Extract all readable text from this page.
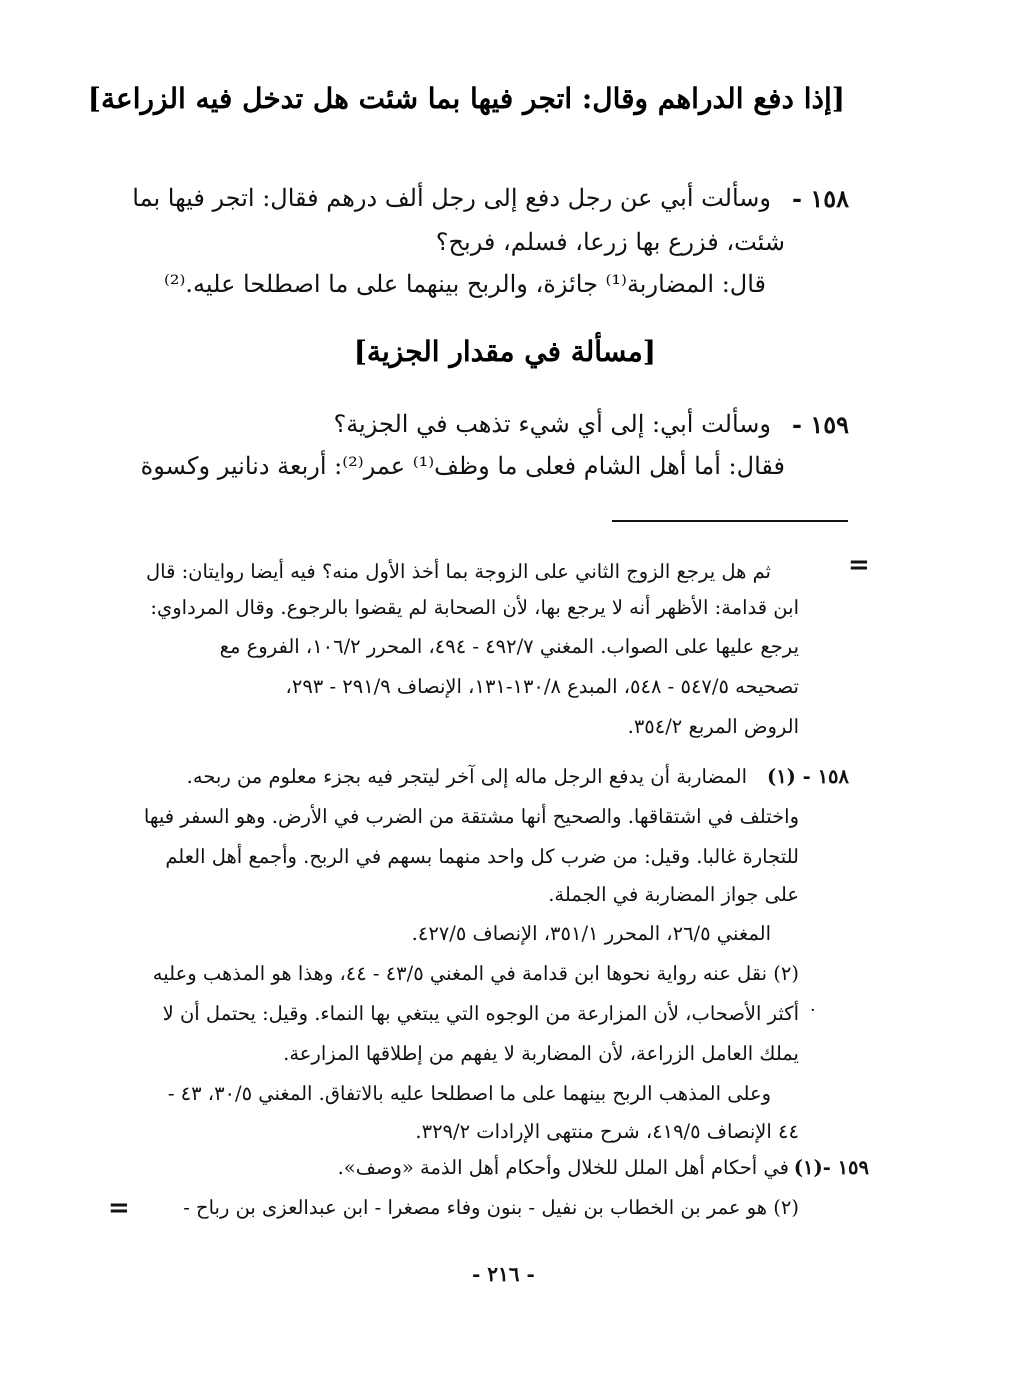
[إذا دفع الدراهم وقال: اتجر فيها بما شئت هل تدخل فيه الزراعة]
١٥٨ -
وسألت أبي عن رجل دفع إلى رجل ألف درهم فقال: اتجر فيها بما
شئت، فزرع بها زرعا، فسلم، فربح؟
قال: المضاربة⁽¹⁾ جائزة، والربح بينهما على ما اصطلحا عليه.⁽²⁾
[مسألة في مقدار الجزية]
١٥٩ -
وسألت أبي: إلى أي شيء تذهب في الجزية؟
فقال: أما أهل الشام فعلى ما وظف⁽¹⁾ عمر⁽²⁾: أربعة دنانير وكسوة
=
ثم هل يرجع الزوج الثاني على الزوجة بما أخذ الأول منه؟ فيه أيضا روايتان: قال
ابن قدامة: الأظهر أنه لا يرجع بها، لأن الصحابة لم يقضوا بالرجوع. وقال المرداوي:
يرجع عليها على الصواب. المغني ٤٩٢/٧ - ٤٩٤، المحرر ١٠٦/٢، الفروع مع
تصحيحه ٥٤٧/٥ - ٥٤٨، المبدع ١٣٠/٨-١٣١، الإنصاف ٢٩١/٩ - ٢٩٣،
الروض المربع ٣٥٤/٢.
١٥٨ - (١)
المضاربة أن يدفع الرجل ماله إلى آخر ليتجر فيه بجزء معلوم من ربحه.
واختلف في اشتقاقها. والصحيح أنها مشتقة من الضرب في الأرض. وهو السفر فيها
للتجارة غالبا. وقيل: من ضرب كل واحد منهما بسهم في الربح. وأجمع أهل العلم
على جواز المضاربة في الجملة.
المغني ٢٦/٥، المحرر ٣٥١/١، الإنصاف ٤٢٧/٥.
(٢) نقل عنه رواية نحوها ابن قدامة في المغني ٤٣/٥ - ٤٤، وهذا هو المذهب وعليه
·
أكثر الأصحاب، لأن المزارعة من الوجوه التي يبتغي بها النماء. وقيل: يحتمل أن لا
يملك العامل الزراعة، لأن المضاربة لا يفهم من إطلاقها المزارعة.
وعلى المذهب الربح بينهما على ما اصطلحا عليه بالاتفاق. المغني ٣٠/٥، ٤٣ -
٤٤ الإنصاف ٤١٩/٥، شرح منتهى الإرادات ٣٢٩/٢.
١٥٩ -(١)
في أحكام أهل الملل للخلال وأحكام أهل الذمة «وصف».
(٢) هو عمر بن الخطاب بن نفيل - بنون وفاء مصغرا - ابن عبدالعزى بن رباح -
=
- ٢١٦ -
